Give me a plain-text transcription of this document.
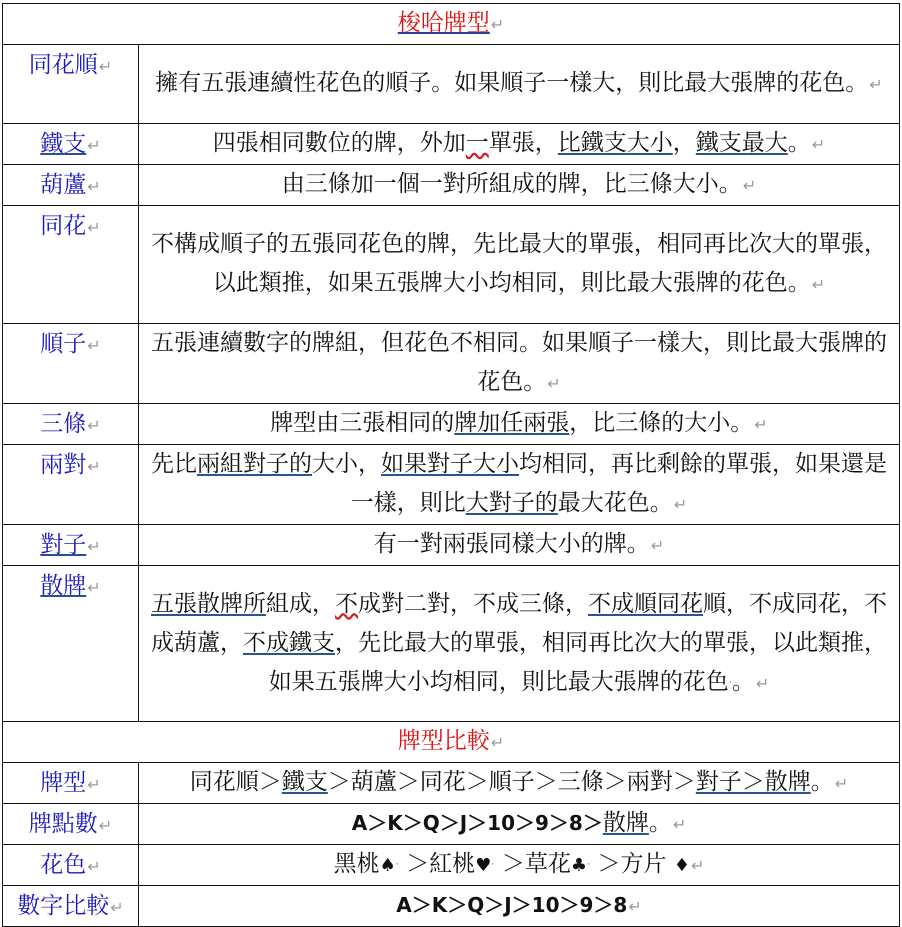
梭哈牌型↵	
同花順↵	擁有五張連續性花色的順子。如果順子一樣大，則比最大張牌的花色。↵
鐵支↵	四張相同數位的牌，外加一單張，比鐵支大小，鐵支最大。↵
葫蘆↵	由三條加一個一對所組成的牌，比三條大小。↵
同花↵	不構成順子的五張同花色的牌，先比最大的單張，相同再比次大的單張，以此類推，如果五張牌大小均相同，則比最大張牌的花色。↵
順子↵	五張連續數字的牌組，但花色不相同。如果順子一樣大，則比最大張牌的花色。↵
三條↵	牌型由三張相同的牌加任兩張，比三條的大小。↵
兩對↵	先比兩組對子的大小，如果對子大小均相同，再比剩餘的單張，如果還是一樣，則比大對子的最大花色。↵
對子↵	有一對兩張同樣大小的牌。↵
散牌↵	五張散牌所組成，不成對二對，不成三條，不成順同花順，不成同花，不成葫蘆，不成鐵支，先比最大的單張，相同再比次大的單張，以此類推，如果五張牌大小均相同，則比最大張牌的花色·。↵
牌型比較↵	
牌型↵	同花順＞鐵支＞葫蘆＞同花＞順子＞三條＞兩對＞對子＞散牌。↵
牌點數↵	A＞K＞Q＞J＞10＞9＞8＞散牌。↵
花色↵	黑桃♠· ＞紅桃♥· ＞草花♣· ＞方片 ♦↵
數字比較↵	A＞K＞Q＞J＞10＞9＞8↵
